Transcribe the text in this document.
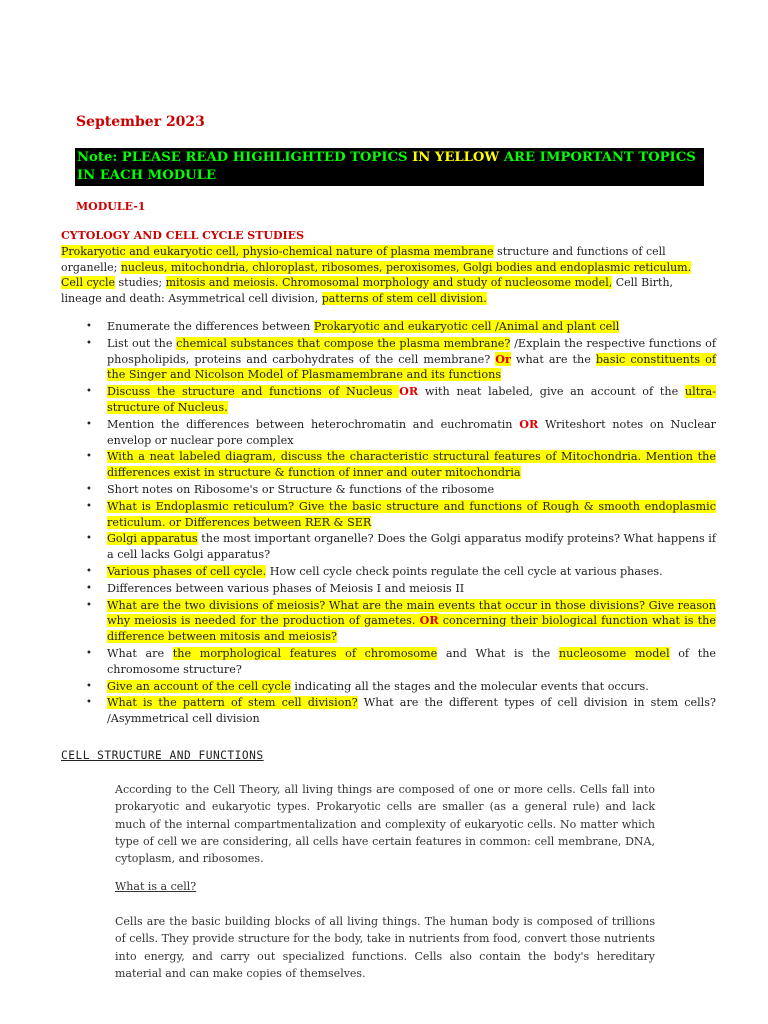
September 2023
Note: PLEASE READ HIGHLIGHTED TOPICS IN YELLOW ARE IMPORTANT TOPICS IN EACH MODULE
MODULE-1
CYTOLOGY AND CELL CYCLE STUDIES
Prokaryotic and eukaryotic cell, physio-chemical nature of plasma membrane structure and functions of cell organelle; nucleus, mitochondria, chloroplast, ribosomes, peroxisomes, Golgi bodies and endoplasmic reticulum. Cell cycle studies; mitosis and meiosis. Chromosomal morphology and study of nucleosome model, Cell Birth, lineage and death: Asymmetrical cell division, patterns of stem cell division.
• Enumerate the differences between Prokaryotic and eukaryotic cell /Animal and plant cell
• List out the chemical substances that compose the plasma membrane? /Explain the respective functions of phospholipids, proteins and carbohydrates of the cell membrane? Or what are the basic constituents of the Singer and Nicolson Model of Plasmamembrane and its functions
• Discuss the structure and functions of Nucleus OR with neat labeled, give an account of the ultra- structure of Nucleus.
• Mention the differences between heterochromatin and euchromatin OR Writeshort notes on Nuclear envelop or nuclear pore complex
• With a neat labeled diagram, discuss the characteristic structural features of Mitochondria. Mention the differences exist in structure & function of inner and outer mitochondria
• Short notes on Ribosome's or Structure & functions of the ribosome
• What is Endoplasmic reticulum? Give the basic structure and functions of Rough & smooth endoplasmic reticulum. or Differences between RER & SER
• Golgi apparatus the most important organelle? Does the Golgi apparatus modify proteins? What happens if a cell lacks Golgi apparatus?
• Various phases of cell cycle. How cell cycle check points regulate the cell cycle at various phases.
• Differences between various phases of Meiosis I and meiosis II
• What are the two divisions of meiosis? What are the main events that occur in those divisions? Give reason why meiosis is needed for the production of gametes. OR concerning their biological function what is the difference between mitosis and meiosis?
• What are the morphological features of chromosome and What is the nucleosome model of the chromosome structure?
• Give an account of the cell cycle indicating all the stages and the molecular events that occurs.
• What is the pattern of stem cell division? What are the different types of cell division in stem cells? /Asymmetrical cell division
CELL STRUCTURE AND FUNCTIONS
According to the Cell Theory, all living things are composed of one or more cells. Cells fall into prokaryotic and eukaryotic types. Prokaryotic cells are smaller (as a general rule) and lack much of the internal compartmentalization and complexity of eukaryotic cells. No matter which type of cell we are considering, all cells have certain features in common: cell membrane, DNA, cytoplasm, and ribosomes.
What is a cell?
Cells are the basic building blocks of all living things. The human body is composed of trillions of cells. They provide structure for the body, take in nutrients from food, convert those nutrients into energy, and carry out specialized functions. Cells also contain the body's hereditary material and can make copies of themselves.
